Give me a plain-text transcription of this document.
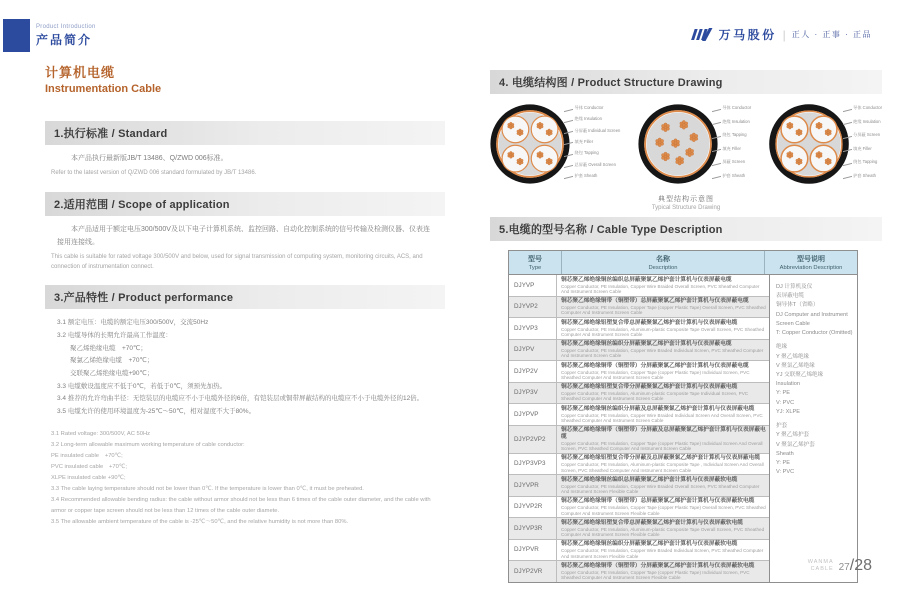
Product Introduction
产品简介	万马股份 | 正人 · 正事 · 正品
计算机电缆
Instrumentation Cable
1.执行标准 / Standard
　　本产品执行最新版JB/T 13486、Q/ZWD 006标准。
Refer to the latest version of Q/ZWD 006 standard formulated by JB/T 13486.
2.适用范围 / Scope of application
　　本产品适用于额定电压300/500V及以下电子计算机系统、监控回路、自动化控制系统的信号传输及检测仪器、仪表连接用连接线。
This cable is suitable for rated voltage 300/500V and below, used for signal transmission of computing system, monitoring circuits, ACS, and connection of instrumentation connect.
3.产品特性 / Product performance
3.1 额定电压：电缆的额定电压300/500V，交流50Hz
3.2 电缆导体的长期允许最高工作温度：
　　聚乙烯绝缘电缆　+70℃；
　　聚氯乙烯绝缘电缆　+70℃；
　　交联聚乙烯绝缘电缆+90℃；
3.3 电缆敷设温度应不低于0℃，若低于0℃，须预先加热。
3.4 推荐的允许弯曲半径：无铠装层的电缆应不小于电缆外径的6倍，有铠装层或铜带屏蔽结构的电缆应不小于电缆外径的12倍。
3.5 电缆允许的使用环境温度为-25℃～50℃，相对湿度不大于80%。
3.1 Rated voltage: 300/500V, AC 50Hz
3.2 Long-term allowable maximum working temperature of cable conductor:
PE insulated cable　+70℃;
PVC insulated cable　+70℃;
XLPE insulated cable +90℃;
3.3 The cable laying temperature should not be lower than 0℃. If the temperature is lower than 0℃, it must be preheated.
3.4 Recommended allowable bending radius: the cable without armor should not be less than 6 times of the cable outer diameter, and the cable with armor or copper tape screen should not be less than 12 times of the cable outer diamete.
3.5 The allowable ambient temperature of the cable is -25℃～50℃, and the relative humidity is not more than 80%.
4. 电缆结构图 / Product Structure Drawing
导体 Conductor
绝缘 Insulation
分屏蔽 Individual Screen
填充 Filler
绕包 Tapping
总屏蔽 Overall Screen
护套 Sheath
导体 Conductor
绝缘 Insulation
绕包 Tapping
填充 Filler
屏蔽 Screen
护套 Sheath
导体 Conductor
绝缘 Insulation
分屏蔽 Screen
填充 Filler
绕包 Tapping
护套 Sheath
典型结构示意图
Typical Structure Drawing
5.电缆的型号名称 / Cable Type Description
型号
Type
名称
Description
型号说明
Abbreviation Description
DJYVP
铜芯聚乙烯绝缘铜丝编织总屏蔽聚氯乙烯护套计算机与仪表屏蔽电缆
Copper Conductor, PE Insulation, Copper Wire Braided Overall Screen, PVC Sheathed Computer And Instrument Screen Cable
DJYVP2
铜芯聚乙烯绝缘铜带（铜塑带）总屏蔽聚氯乙烯护套计算机与仪表屏蔽电缆
Copper Conductor, PE Insulation, Copper Tape (copper Plastic Tape) Overall Screen, PVC Sheathed Computer And Instrument Screen Cable
DJYVP3
铜芯聚乙烯绝缘铝塑复合带总屏蔽聚氯乙烯护套计算机与仪表屏蔽电缆
Copper Conductor, PE Insulation, Aluminum-plastic Composite Tape Overall Screen, PVC Sheathed Computer And Instrument Screen Cable
DJYPV
铜芯聚乙烯绝缘铜丝编织分屏蔽聚氯乙烯护套计算机与仪表屏蔽电缆
Copper Conductor, PE Insulation, Copper Wire Braded Individual Screen, PVC Sheathed Computer And Instrument Screen Cable
DJYP2V
铜芯聚乙烯绝缘铜带（铜塑带）分屏蔽聚氯乙烯护套计算机与仪表屏蔽电缆
Copper Conductor, PE Insulation, Copper Tape (copper Plastic Tape) Individual Screen, PVC Sheathed Computer And Instrument Screen Cable
DJYP3V
铜芯聚乙烯绝缘铝塑复合带分屏蔽聚氯乙烯护套计算机与仪表屏蔽电缆
Copper Conductor, PE Insulation, Aluminum-plastic Composite Tape Individual Screen, PVC Sheathed Computer And Instrument Screen Cable
DJYPVP
铜芯聚乙烯绝缘铜丝编织分屏蔽及总屏蔽聚氯乙烯护套计算机与仪表屏蔽电缆
Copper Conductor, PE Insulation, Copper Wire Braided Individual Screen And Overall Screen, PVC Sheathed Computer And Instrument Screen Cable
DJYP2VP2
铜芯聚乙烯绝缘铜带（铜塑带）分屏蔽及总屏蔽聚氯乙烯护套计算机与仪表屏蔽电缆
Copper Conductor, PE Insulation, Copper Tape (copper Plastic Tape) Individual Screen And Overall Screen, PVC Sheathed Computer And Instrument Screen Cable
DJYP3VP3
铜芯聚乙烯绝缘铝塑复合带分屏蔽及总屏蔽聚氯乙烯护套计算机与仪表屏蔽电缆
Copper Conductor, PE Insulation, Aluminum-plastic Composite Tape , Individual Screen And Overall Screen, PVC Sheathed Computer And Instrument Screen Cable
DJYVPR
铜芯聚乙烯绝缘铜丝编织总屏蔽聚氯乙烯护套计算机与仪表屏蔽软电缆
Copper Conductor, PE Insulation, Copper Wire Braided Overall Screen, PVC Sheathed Computer And Instrument Screen Flexible Cable
DJYVP2R
铜芯聚乙烯绝缘铜带（铜塑带）总屏蔽聚氯乙烯护套计算机与仪表屏蔽软电缆
Copper Conductor, PE Insulation, Copper Tape (copper Plastic Tape) Overall Screen, PVC Sheathed Computer And Instrument Screen Flexible Cable
DJYVP3R
铜芯聚乙烯绝缘铝塑复合带总屏蔽聚氯乙烯护套计算机与仪表屏蔽软电缆
Copper Conductor, PE Insulation, Aluminum-plastic Composite Tape Overall Screen, PVC Sheathed Computer And Instrument Screen Flexible Cable
DJYPVR
铜芯聚乙烯绝缘铜丝编织分屏蔽聚氯乙烯护套计算机与仪表屏蔽软电缆
Copper Conductor, PE Insulation, Copper Wire Braded Individual Screen, PVC Sheathed Computer And Instrument Screen Flexible Cable
DJYP2VR
铜芯聚乙烯绝缘铜带（铜塑带）分屏蔽聚氯乙烯护套计算机与仪表屏蔽软电缆
Copper Conductor, PE Insulation, Copper Tape (copper Plastic Tape) Individual Screen, PVC Sheathed Computer And Instrument Screen Flexible Cable
DJ 计算机及仪
表屏蔽电缆
铜导体T（省略）
DJ Computer and Instrument
Screen Cable
T: Copper Conductor (Omitted)
绝缘
Y 聚乙烯绝缘
V 聚氯乙烯绝缘
YJ 交联聚乙烯绝缘
Insulation
Y: PE
V: PVC
YJ: XLPE
护套
Y 聚乙烯护套
V 聚氯乙烯护套
Sheath
Y: PE
V: PVC
WANMA
CABLE 27/28
